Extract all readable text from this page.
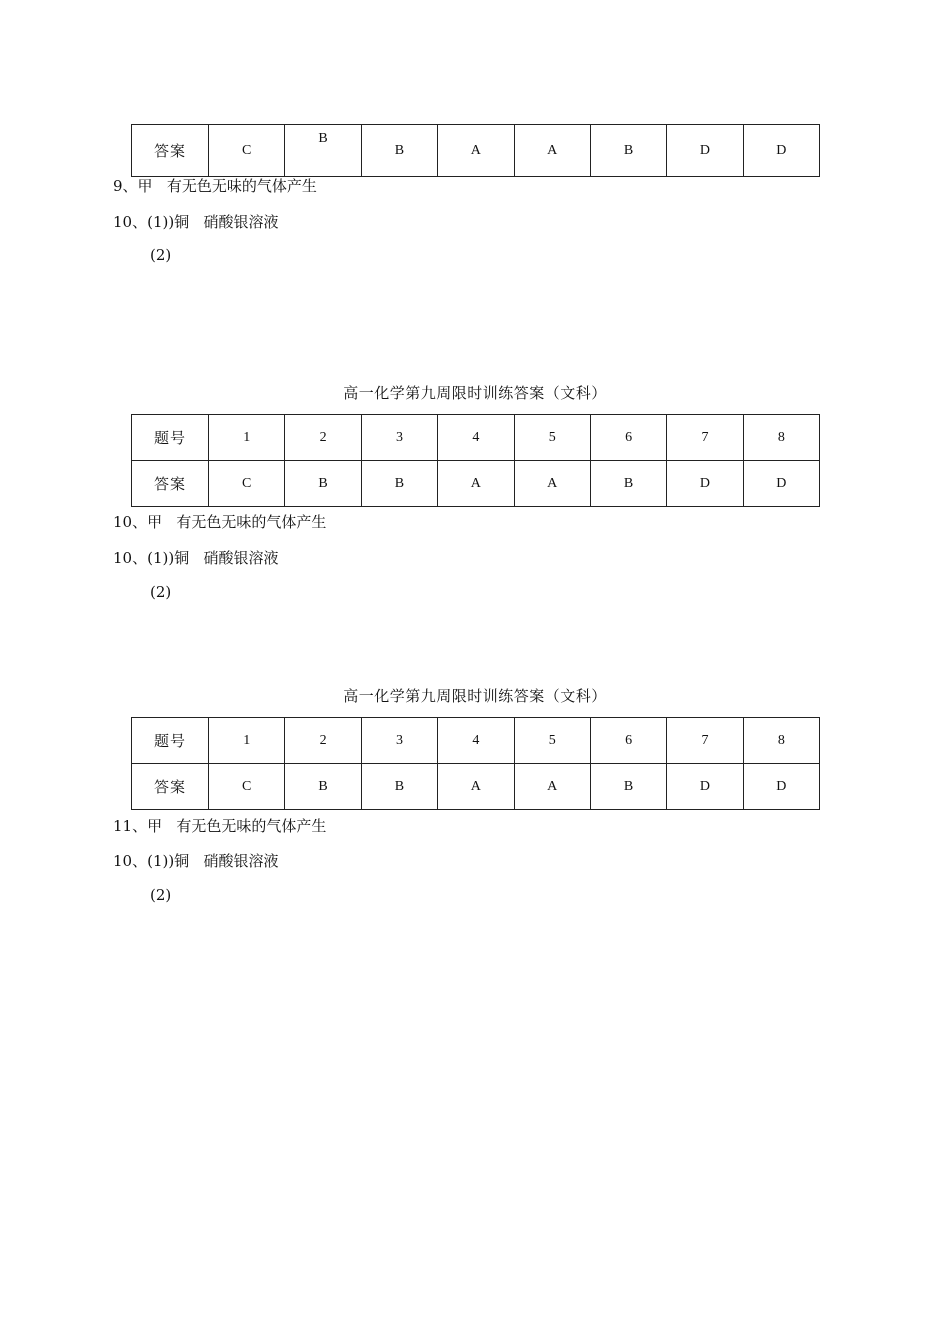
答案	C	B	B	A	A	B	D	D
9、甲   有无色无味的气体产生
10、(1))铜   硝酸银溶液
(2)
高一化学第九周限时训练答案（文科）
题号	1	2	3	4	5	6	7	8
答案	C	B	B	A	A	B	D	D
10、甲   有无色无味的气体产生
10、(1))铜   硝酸银溶液
(2)
高一化学第九周限时训练答案（文科）
题号	1	2	3	4	5	6	7	8
答案	C	B	B	A	A	B	D	D
11、甲   有无色无味的气体产生
10、(1))铜   硝酸银溶液
(2)
